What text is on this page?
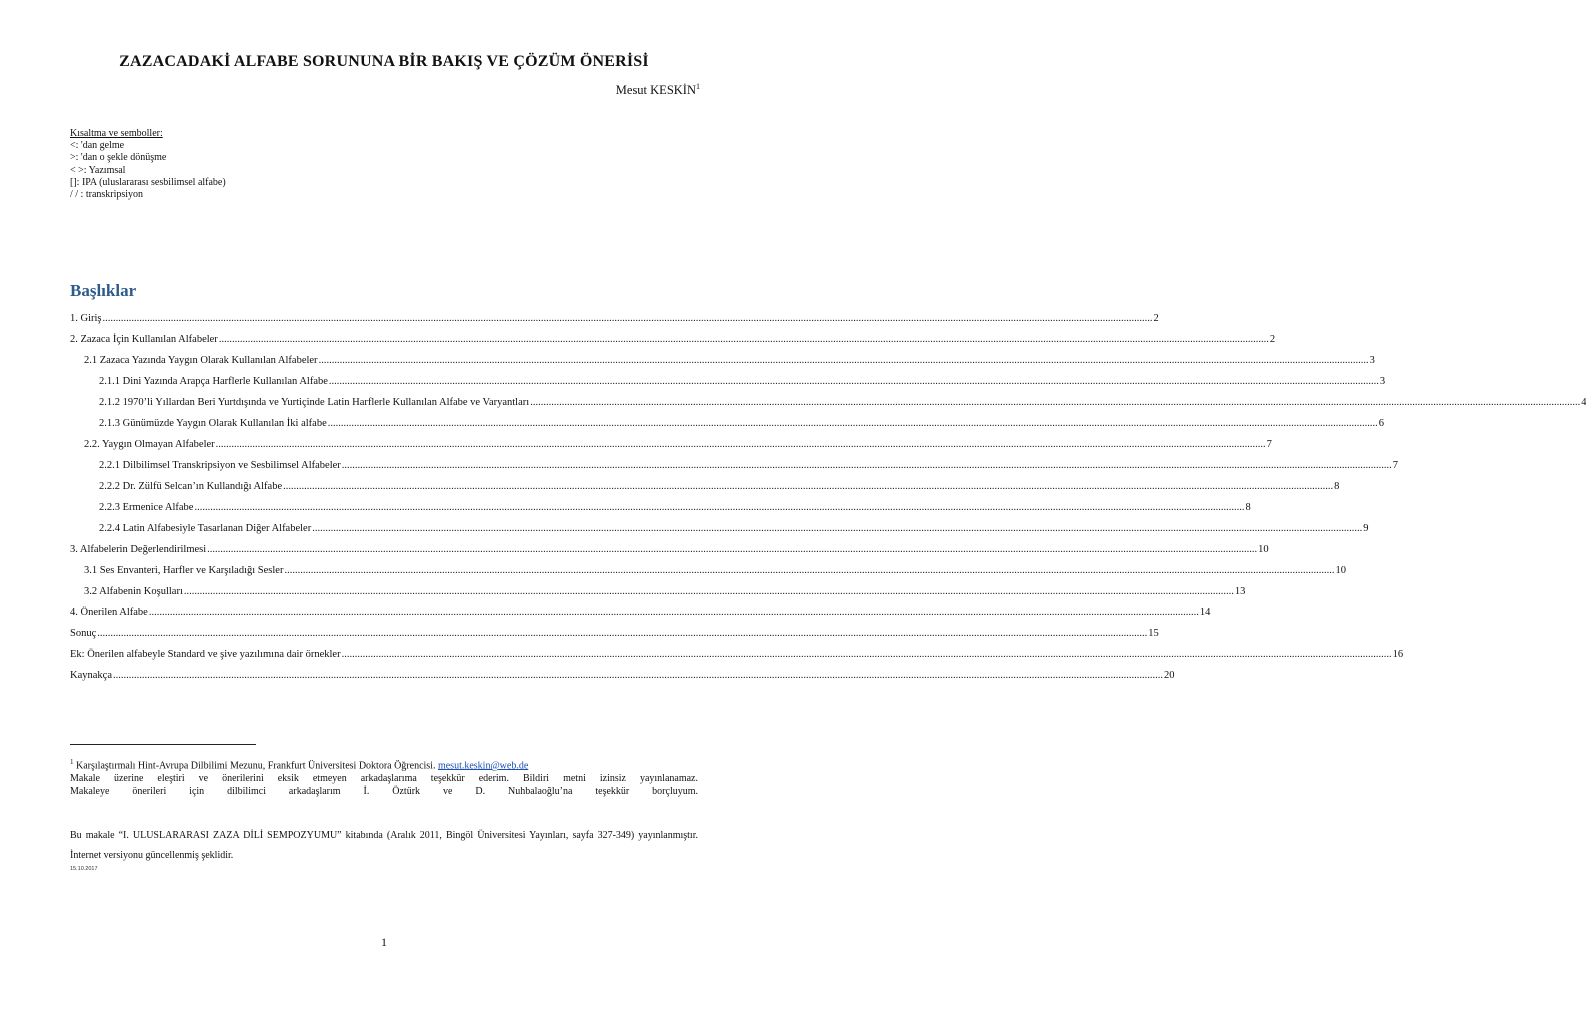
ZAZACADAKİ ALFABE SORUNUNA BİR BAKIŞ VE ÇÖZÜM ÖNERİSİ
Mesut KESKİN$^1$
Kısaltma ve semboller:
<: 'dan gelme
>: 'dan o şekle dönüşme
< >: Yazımsal
[]: IPA (uluslararası sesbilimsel alfabe)
/ / : transkripsiyon
Başlıklar
1. Giriş ................................................................................................................................................................................................................................................................................................................................................................................................................ 2
2. Zazaca İçin Kullanılan Alfabeler ................................................................................................................................................................................................................................................................................................................................................................................................................ 2
2.1 Zazaca Yazında Yaygın Olarak Kullanılan Alfabeler ................................................................................................................................................................................................................................................................................................................................................................................................................ 3
2.1.1 Dini Yazında Arapça Harflerle Kullanılan Alfabe ................................................................................................................................................................................................................................................................................................................................................................................................................ 3
2.1.2 1970’li Yıllardan Beri Yurtdışında ve Yurtiçinde Latin Harflerle Kullanılan Alfabe ve Varyantları ................................................................................................................................................................................................................................................................................................................................................................................................................ 4
2.1.3 Günümüzde Yaygın Olarak Kullanılan İki alfabe ................................................................................................................................................................................................................................................................................................................................................................................................................ 6
2.2. Yaygın Olmayan Alfabeler ................................................................................................................................................................................................................................................................................................................................................................................................................ 7
2.2.1 Dilbilimsel Transkripsiyon ve Sesbilimsel Alfabeler ................................................................................................................................................................................................................................................................................................................................................................................................................ 7
2.2.2 Dr. Zülfü Selcan’ın Kullandığı Alfabe ................................................................................................................................................................................................................................................................................................................................................................................................................ 8
2.2.3 Ermenice Alfabe ................................................................................................................................................................................................................................................................................................................................................................................................................ 8
2.2.4 Latin Alfabesiyle Tasarlanan Diğer Alfabeler ................................................................................................................................................................................................................................................................................................................................................................................................................ 9
3. Alfabelerin Değerlendirilmesi ................................................................................................................................................................................................................................................................................................................................................................................................................ 10
3.1 Ses Envanteri, Harfler ve Karşıladığı Sesler ................................................................................................................................................................................................................................................................................................................................................................................................................ 10
3.2 Alfabenin Koşulları ................................................................................................................................................................................................................................................................................................................................................................................................................ 13
4. Önerilen Alfabe ................................................................................................................................................................................................................................................................................................................................................................................................................ 14
Sonuç ................................................................................................................................................................................................................................................................................................................................................................................................................ 15
Ek: Önerilen alfabeyle Standard ve şive yazılımına dair örnekler ................................................................................................................................................................................................................................................................................................................................................................................................................ 16
Kaynakça ................................................................................................................................................................................................................................................................................................................................................................................................................ 20
$^1$ Karşılaştırmalı Hint-Avrupa Dilbilimi Mezunu, Frankfurt Üniversitesi Doktora Öğrencisi. mesut.keskin@web.de
Makale üzerine eleştiri ve önerilerini eksik etmeyen arkadaşlarıma teşekkür ederim. Bildiri metni izinsiz yayınlanamaz.
Makaleye önerileri için dilbilimci arkadaşlarım İ. Öztürk ve D. Nuhbalaoğlu’na teşekkür borçluyum.
Bu makale “I. ULUSLARARASI ZAZA DİLİ SEMPOZYUMU” kitabında (Aralık 2011, Bingöl Üniversitesi Yayınları, sayfa 327-349) yayınlanmıştır. İnternet versiyonu güncellenmiş şeklidir.
15.10.2017
1
